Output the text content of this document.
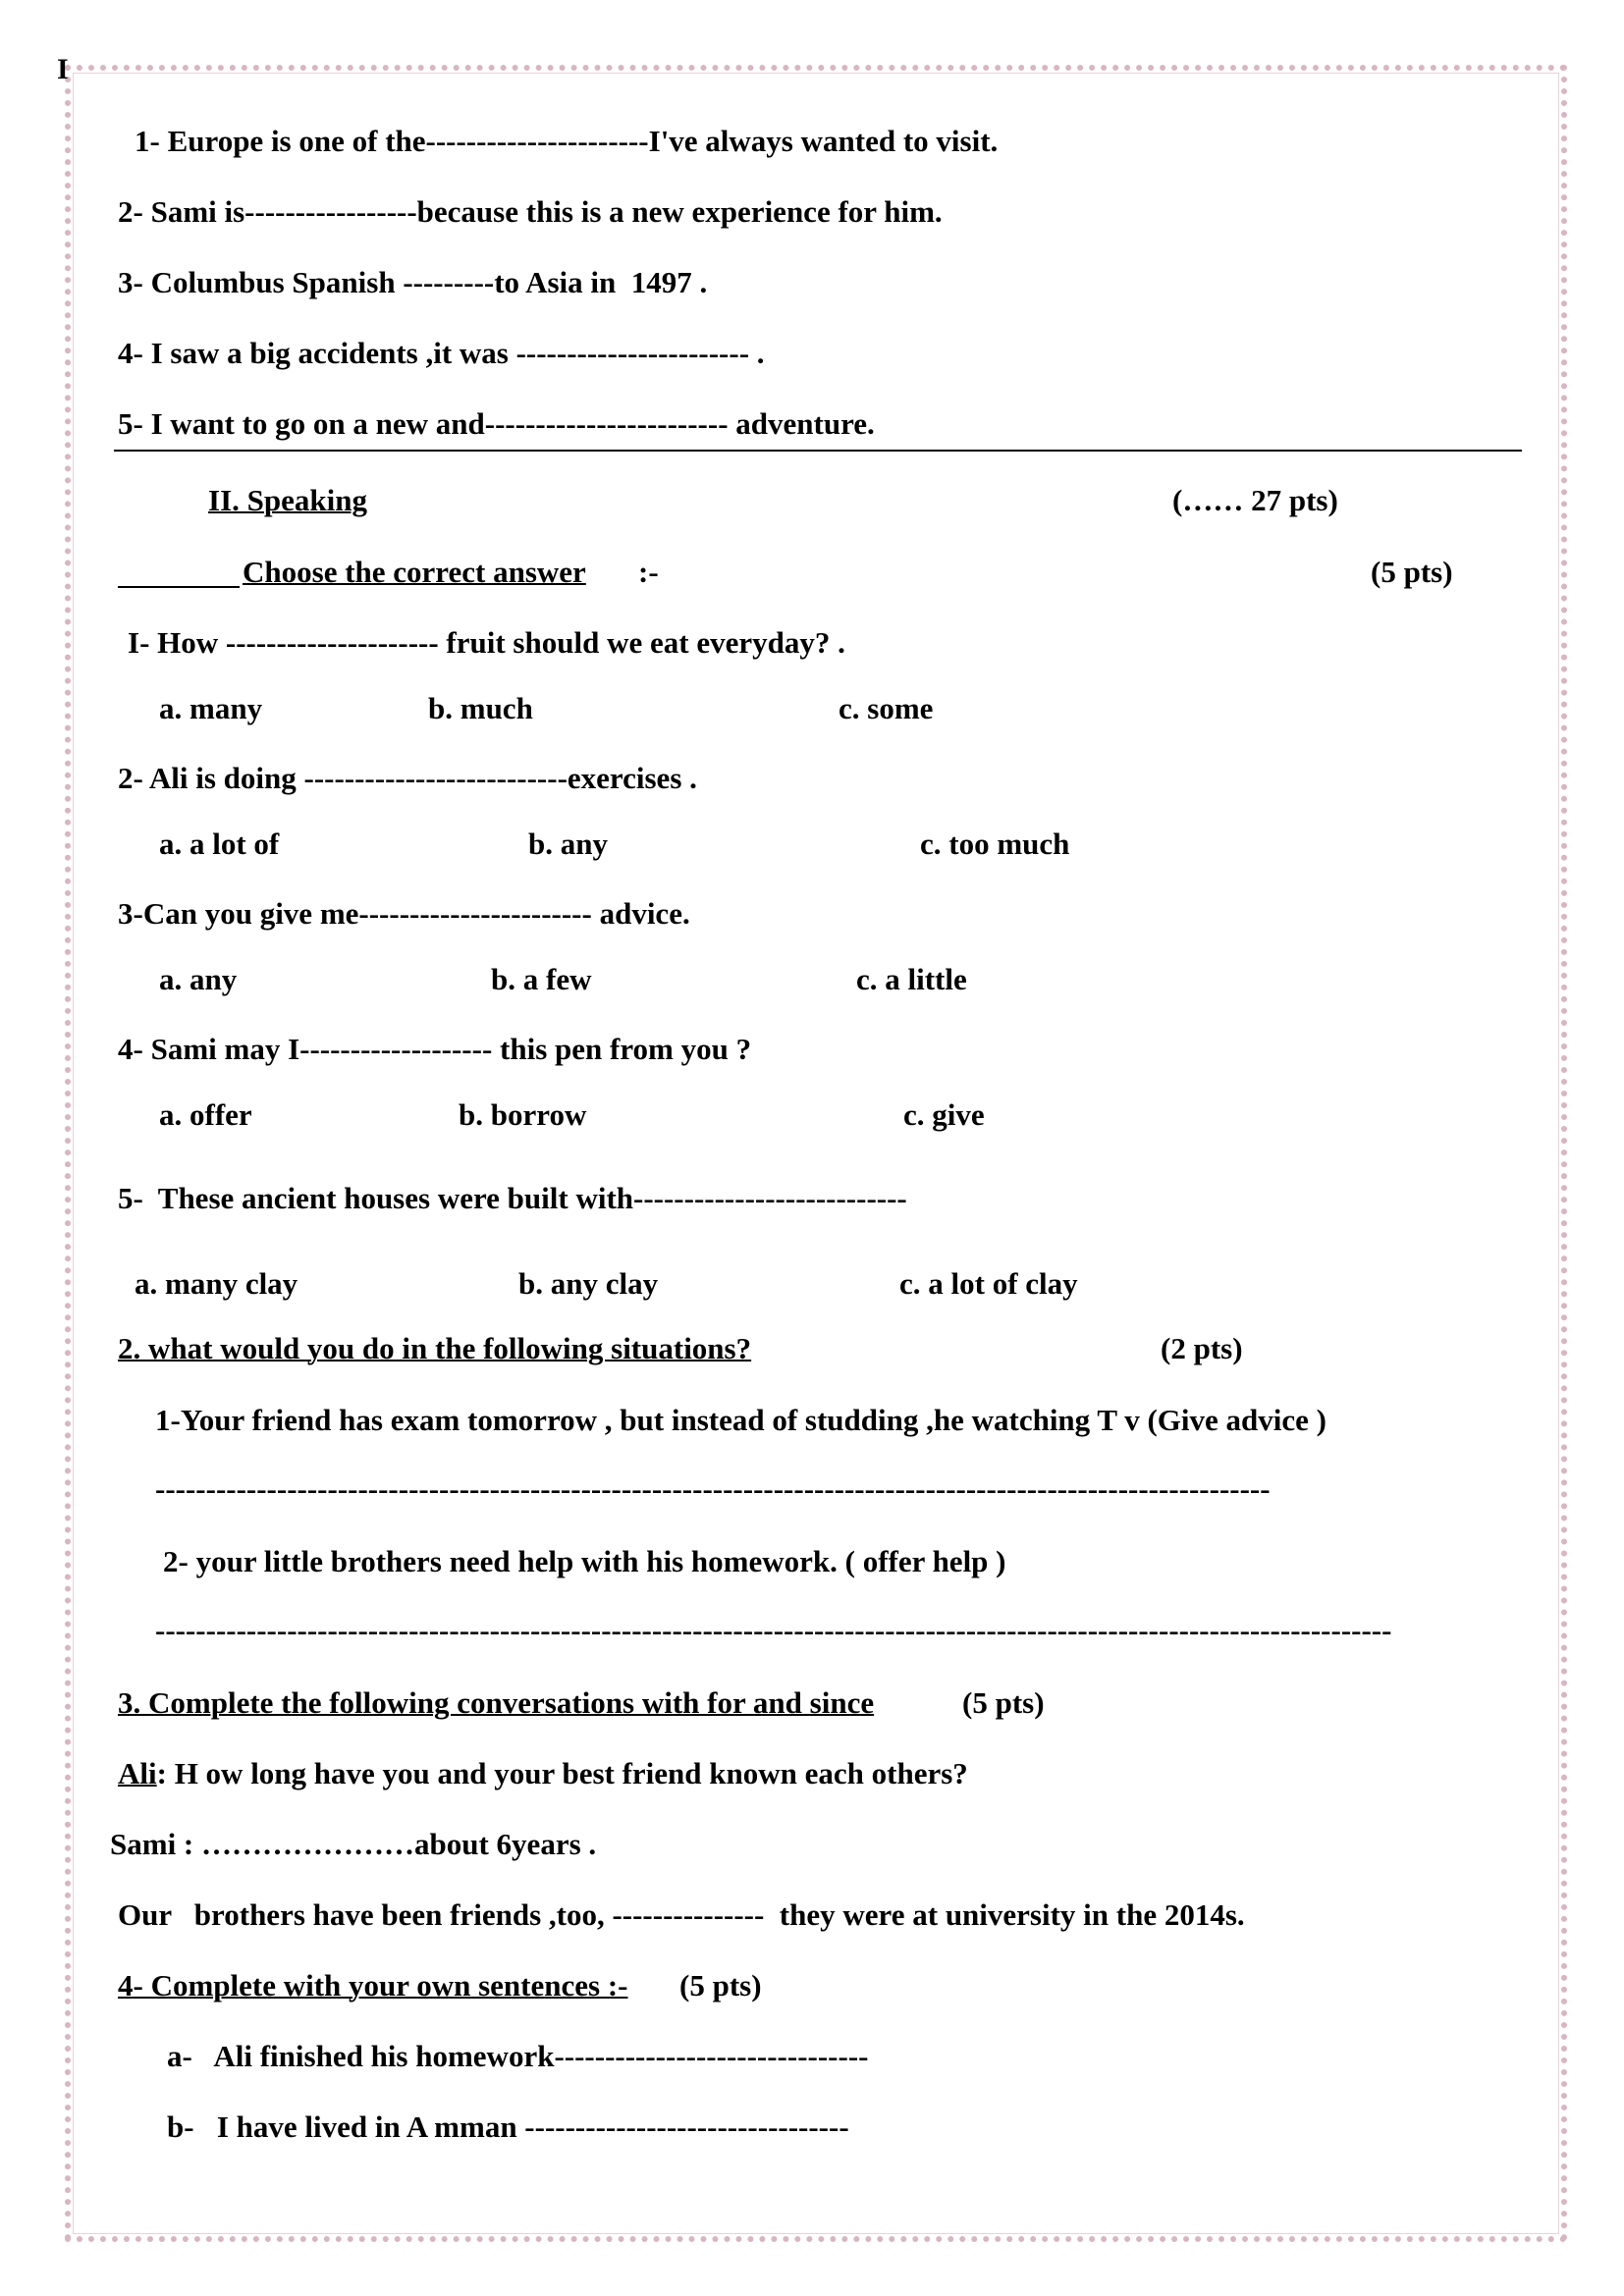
I
1- Europe is one of the----------------------I've always wanted to visit.
2- Sami is-----------------because this is a new experience for him.
3- Columbus Spanish ---------to Asia in  1497 .
4- I saw a big accidents ,it was ----------------------- .
5- I want to go on a new and------------------------ adventure.
II. Speaking	(…… 27 pts)
Choose the correct answer :-	(5 pts)
I- How --------------------- fruit should we eat everyday? .
a. many	b. much	c. some
2- Ali is doing --------------------------exercises .
a. a lot of	b. any	c. too much
3-Can you give me----------------------- advice.
a. any	b. a few	c. a little
4- Sami may I------------------- this pen from you ?
a. offer	b. borrow	c. give
5-  These ancient houses were built with---------------------------
a. many clay	b. any clay	c. a lot of clay
2. what would you do in the following situations?	(2 pts)
1-Your friend has exam tomorrow , but instead of studding ,he watching T v (Give advice )
--------------------------------------------------------------------------------------------------------------
2- your little brothers need help with his homework. ( offer help )
--------------------------------------------------------------------------------------------------------------------------
3. Complete the following conversations with for and since	(5 pts)
Ali: H ow long have you and your best friend known each others?
Sami : …………………about 6years .
Our   brothers have been friends ,too, ---------------  they were at university in the 2014s.
4- Complete with your own sentences :- (5 pts)
a-   Ali finished his homework-------------------------------
b-   I have lived in A mman --------------------------------
